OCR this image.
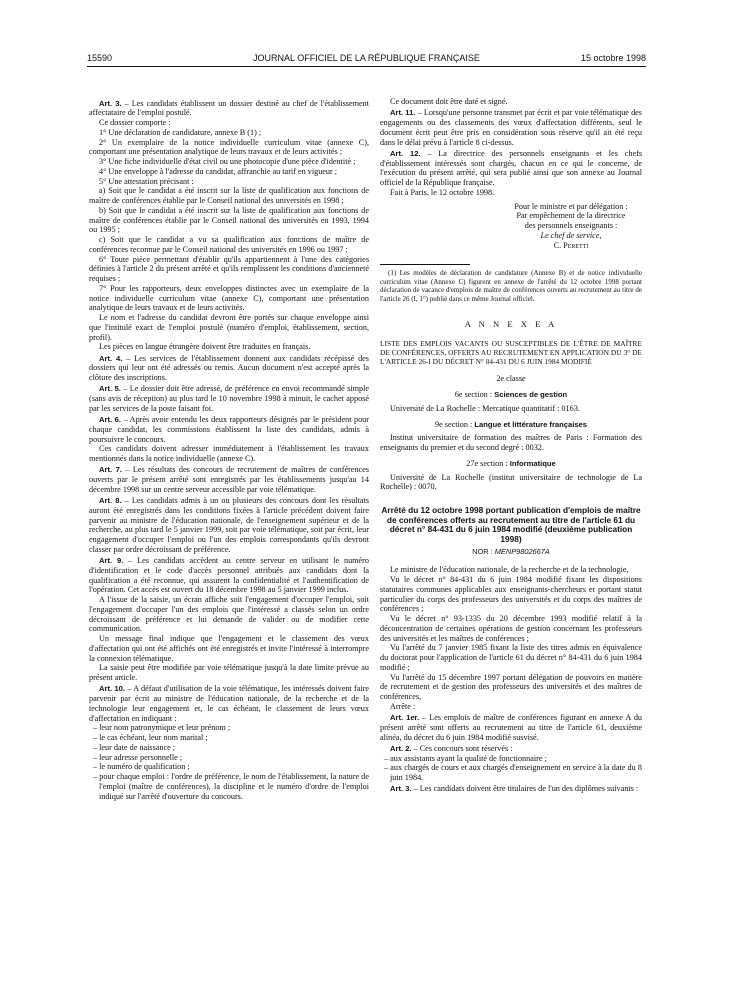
15590	JOURNAL OFFICIEL DE LA RÉPUBLIQUE FRANÇAISE	15 octobre 1998
Art. 3. – Les candidats établissent un dossier destiné au chef de l'établissement affectataire de l'emploi postulé.
Ce dossier comporte :
1° Une déclaration de candidature, annexe B (1) ;
2° Un exemplaire de la notice individuelle curriculum vitae (annexe C), comportant une présentation analytique de leurs travaux et de leurs activités ;
3° Une fiche individuelle d'état civil ou une photocopie d'une pièce d'identité ;
4° Une enveloppe à l'adresse du candidat, affranchie au tarif en vigueur ;
5° Une attestation précisant :
a) Soit que le candidat a été inscrit sur la liste de qualification aux fonctions de maître de conférences établie par le Conseil national des universités en 1998 ;
b) Soit que le candidat a été inscrit sur la liste de qualification aux fonctions de maître de conférences établie par le Conseil national des universités en 1993, 1994 ou 1995 ;
c) Soit que le candidat a vu sa qualification aux fonctions de maître de conférences reconnue par le Conseil national des universités en 1996 ou 1997 ;
6° Toute pièce permettant d'établir qu'ils appartiennent à l'une des catégories définies à l'article 2 du présent arrêté et qu'ils remplissent les conditions d'ancienneté requises ;
7° Pour les rapporteurs, deux enveloppes distinctes avec un exemplaire de la notice individuelle curriculum vitae (annexe C), comportant une présentation analytique de leurs travaux et de leurs activités.
Le nom et l'adresse du candidat devront être portés sur chaque enveloppe ainsi que l'intitulé exact de l'emploi postulé (numéro d'emploi, établissement, section, profil).
Les pièces en langue étrangère doivent être traduites en français.
Art. 4. – Les services de l'établissement donnent aux candidats récépissé des dossiers qui leur ont été adressés ou remis. Aucun document n'est accepté après la clôture des inscriptions.
Art. 5. – Le dossier doit être adressé, de préférence en envoi recommandé simple (sans avis de réception) au plus tard le 10 novembre 1998 à minuit, le cachet apposé par les services de la poste faisant foi.
Art. 6. – Après avoir entendu les deux rapporteurs désignés par le président pour chaque candidat, les commissions établissent la liste des candidats, admis à poursuivre le concours.
Ces candidats doivent adresser immédiatement à l'établissement les travaux mentionnés dans la notice individuelle (annexe C).
Art. 7. – Les résultats des concours de recrutement de maîtres de conférences ouverts par le présent arrêté sont enregistrés par les établissements jusqu'au 14 décembre 1998 sur un centre serveur accessible par voie télématique.
Art. 8. – Les candidats admis à un ou plusieurs des concours dont les résultats auront été enregistrés dans les conditions fixées à l'article précédent doivent faire parvenir au ministre de l'éducation nationale, de l'enseignement supérieur et de la recherche, au plus tard le 5 janvier 1999, soit par voie télématique, soit par écrit, leur engagement d'occuper l'emploi ou l'un des emplois correspondants qu'ils devront classer par ordre décroissant de préférence.
Art. 9. – Les candidats accèdent au centre serveur en utilisant le numéro d'identification et le code d'accès personnel attribués aux candidats dont la qualification a été reconnue, qui assurent la confidentialité et l'authentification de l'opération. Cet accès est ouvert du 18 décembre 1998 au 5 janvier 1999 inclus.
A l'issue de la saisie, un écran affiche soit l'engagement d'occuper l'emploi, soit l'engagement d'occuper l'un des emplois que l'intéressé a classés selon un ordre décroissant de préférence et lui demande de valider ou de modifier cette communication.
Un message final indique que l'engagement et le classement des vœux d'affectation qui ont été affichés ont été enregistrés et invite l'intéressé à interrompre la connexion télématique.
La saisie peut être modifiée par voie télématique jusqu'à la date limite prévue au présent article.
Art. 10. – A défaut d'utilisation de la voie télématique, les intéressés doivent faire parvenir par écrit au ministre de l'éducation nationale, de la recherche et de la technologie leur engagement et, le cas échéant, le classement de leurs vœux d'affectation en indiquant :
– leur nom patronymique et leur prénom ;
– le cas échéant, leur nom marital ;
– leur date de naissance ;
– leur adresse personnelle ;
– le numéro de qualification ;
– pour chaque emploi : l'ordre de préférence, le nom de l'établissement, la nature de l'emploi (maître de conférences), la discipline et le numéro d'ordre de l'emploi indiqué sur l'arrêté d'ouverture du concours.
Ce document doit être daté et signé.
Art. 11. – Lorsqu'une personne transmet par écrit et par voie télématique des engagements ou des classements des vœux d'affectation différents, seul le document écrit peut être pris en considération sous réserve qu'il ait été reçu dans le délai prévu à l'article 8 ci-dessus.
Art. 12. – La directrice des personnels enseignants et les chefs d'établissement intéressés sont chargés, chacun en ce qui le concerne, de l'exécution du présent arrêté, qui sera publié ainsi que son annexe au Journal officiel de la République française.
Fait à Paris, le 12 octobre 1998.
Pour le ministre et par délégation :
Par empêchement de la directrice
des personnels enseignants :
Le chef de service,
C. Peretti
(1) Les modèles de déclaration de candidature (Annexe B) et de notice individuelle curriculum vitae (Annexe C) figurent en annexe de l'arrêté du 12 octobre 1998 portant déclaration de vacance d'emplois de maître de conférences ouverts au recrutement au titre de l'article 26 (I, 1°) publié dans ce même Journal officiel.
A N N E X E A
LISTE DES EMPLOIS VACANTS OU SUSCEPTIBLES DE L'ÊTRE DE MAÎTRE DE CONFÉRENCES, OFFERTS AU RECRUTEMENT EN APPLICATION DU 3° DE L'ARTICLE 26-I DU DÉCRET N° 84-431 DU 6 JUIN 1984 MODIFIÉ
2e classe
6e section : Sciences de gestion
Université de La Rochelle : Mercatique quantitatif : 0163.
9e section : Langue et littérature françaises
Institut universitaire de formation des maîtres de Paris : Formation des enseignants du premier et du second degré : 0032.
27e section : Informatique
Université de La Rochelle (institut universitaire de technologie de La Rochelle) : 0070.
Arrêté du 12 octobre 1998 portant publication d'emplois de maître de conférences offerts au recrutement au titre de l'article 61 du décret n° 84-431 du 6 juin 1984 modifié (deuxième publication 1998)
NOR : MENP9802667A
Le ministre de l'éducation nationale, de la recherche et de la technologie,
Vu le décret n° 84-431 du 6 juin 1984 modifié fixant les dispositions statutaires communes applicables aux enseignants-chercheurs et portant statut particulier du corps des professeurs des universités et du corps des maîtres de conférences ;
Vu le décret n° 93-1335 du 20 décembre 1993 modifié relatif à la déconcentration de certaines opérations de gestion concernant les professeurs des universités et les maîtres de conférences ;
Vu l'arrêté du 7 janvier 1985 fixant la liste des titres admis en équivalence du doctorat pour l'application de l'article 61 du décret n° 84-431 du 6 juin 1984 modifié ;
Vu l'arrêté du 15 décembre 1997 portant délégation de pouvoirs en matière de recrutement et de gestion des professeurs des universités et des maîtres de conférences,
Arrête :
Art. 1er. – Les emplois de maître de conférences figurant en annexe A du présent arrêté sont offerts au recrutement au titre de l'article 61, deuxième alinéa, du décret du 6 juin 1984 modifié susvisé.
Art. 2. – Ces concours sont réservés :
– aux assistants ayant la qualité de fonctionnaire ;
– aux chargés de cours et aux chargés d'enseignement en service à la date du 8 juin 1984.
Art. 3. – Les candidats doivent être titulaires de l'un des diplômes suivants :
